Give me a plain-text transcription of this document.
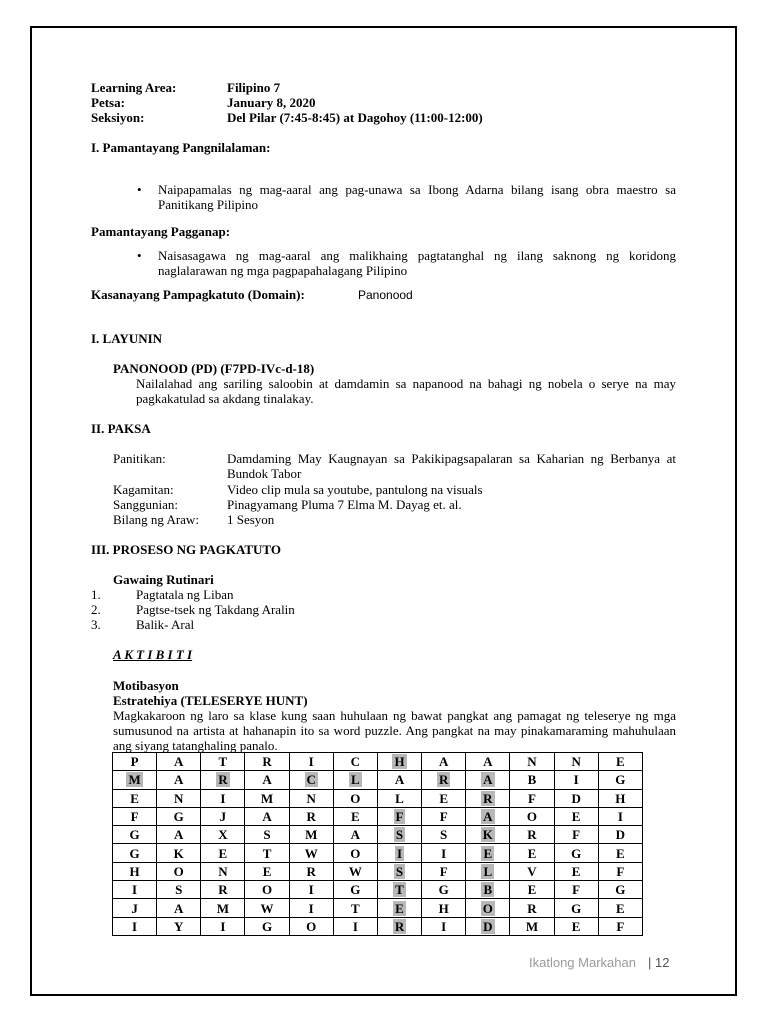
Learning Area:	Filipino 7
Petsa:	January 8, 2020
Seksiyon:	Del Pilar (7:45-8:45) at Dagohoy (11:00-12:00)
I. Pamantayang Pangnilalaman:
• Naipapamalas ng mag-aaral ang pag-unawa sa Ibong Adarna bilang isang obra maestro sa Panitikang Pilipino
Pamantayang Pagganap:
• Naisasagawa ng mag-aaral ang malikhaing pagtatanghal ng ilang saknong ng koridong naglalarawan ng mga pagpapahalagang Pilipino
Kasanayang Pampagkatuto (Domain):	Panonood
I. LAYUNIN
PANONOOD (PD) (F7PD-IVc-d-18)
Nailalahad ang sariling saloobin at damdamin sa napanood na bahagi ng nobela o serye na may pagkakatulad sa akdang tinalakay.
II. PAKSA
Panitikan:	Damdaming May Kaugnayan sa Pakikipagsapalaran sa Kaharian ng Berbanya at Bundok Tabor
Kagamitan:	Video clip mula sa youtube, pantulong na visuals
Sanggunian:	Pinagyamang Pluma 7 Elma M. Dayag et. al.
Bilang ng Araw: 1 Sesyon
III. PROSESO NG PAGKATUTO
Gawaing Rutinari
1.	Pagtatala ng Liban
2.	Pagtse-tsek ng Takdang Aralin
3.	Balik- Aral
A K T I B I T I
Motibasyon
Estratehiya (TELESERYE HUNT)
Magkakaroon ng laro sa klase kung saan huhulaan ng bawat pangkat ang pamagat ng teleserye ng mga sumusunod na artista at hahanapin ito sa word puzzle. Ang pangkat na may pinakamaraming mahuhulaan ang siyang tatanghaling panalo.
P	A	T	R	I	C	H	A	A	N	N	E
M	A	R	A	C	L	A	R	A	B	I	G
E	N	I	M	N	O	L	E	R	F	D	H
F	G	J	A	R	E	F	F	A	O	E	I
G	A	X	S	M	A	S	S	K	R	F	D
G	K	E	T	W	O	I	I	E	E	G	E
H	O	N	E	R	W	S	F	L	V	E	F
I	S	R	O	I	G	T	G	B	E	F	G
J	A	M	W	I	T	E	H	O	R	G	E
I	Y	I	G	O	I	R	I	D	M	E	F
Ikatlong Markahan | 12
